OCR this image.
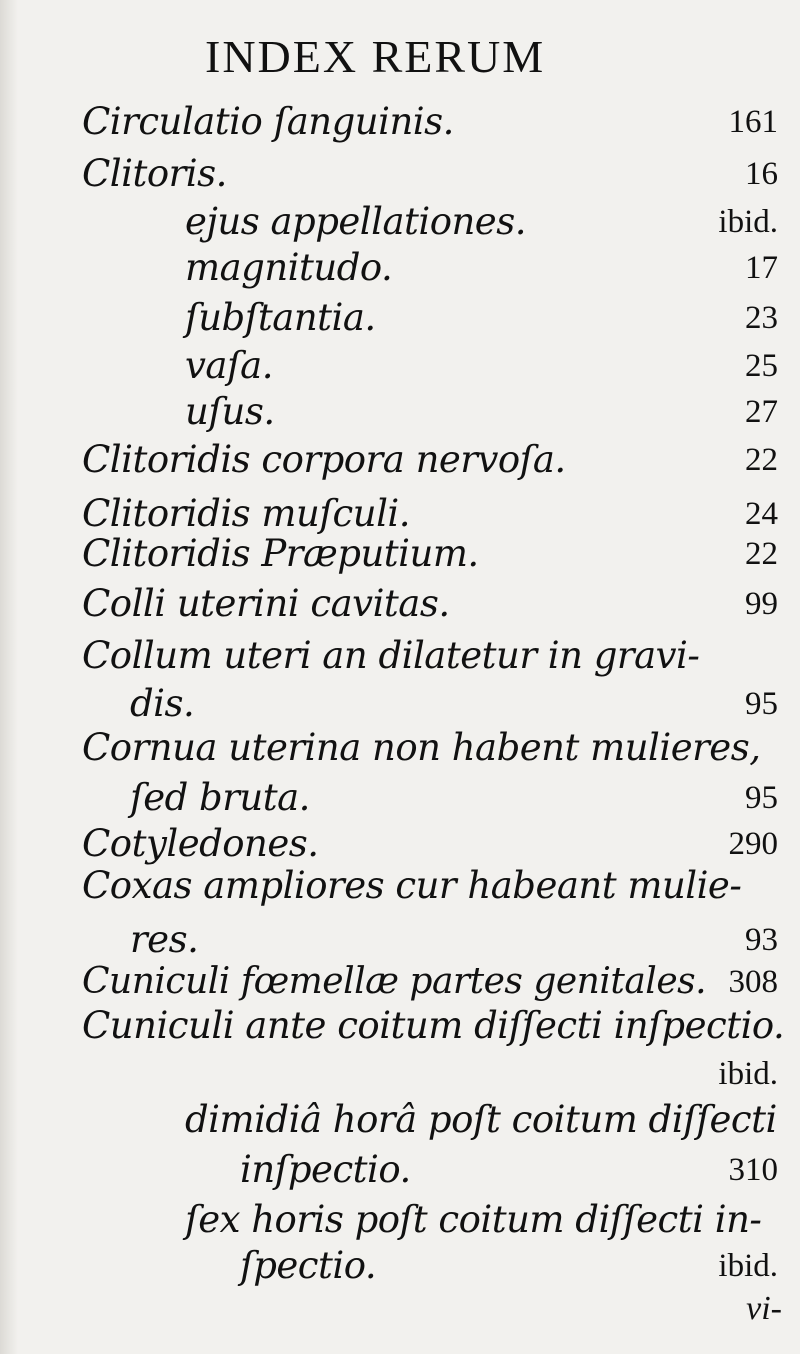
INDEX RERUM
Circulatio ſanguinis.	161
Clitoris.	16
ejus appellationes.	ibid.
magnitudo.	17
ſubſtantia.	23
vaſa.	25
uſus.	27
Clitoridis corpora nervoſa.	22
Clitoridis muſculi.	24
Clitoridis Præputium.	22
Colli uterini cavitas.	99
Collum uteri an dilatetur in gravi-
dis.	95
Cornua uterina non habent mulieres,
ſed bruta.	95
Cotyledones.	290
Coxas ampliores cur habeant mulie-
res.	93
Cuniculi fœmellæ partes genitales. 308
Cuniculi ante coitum diſſecti inſpectio.
ibid.
dimidiâ horâ poſt coitum diſſecti
inſpectio.	310
ſex horis poſt coitum diſſecti in-
ſpectio.	ibid.
vi-
